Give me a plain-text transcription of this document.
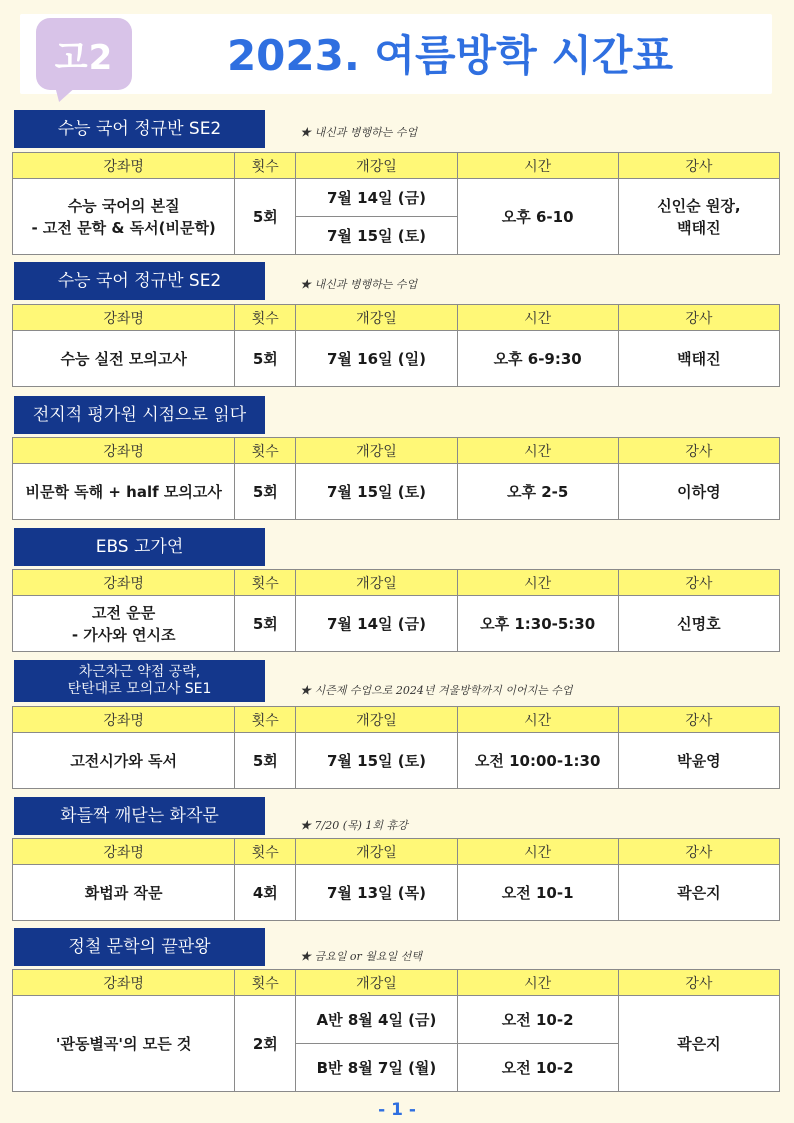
고2	2023. 여름방학 시간표
수능 국어 정규반 SE2	★ 내신과 병행하는 수업
강좌명	횟수	개강일	시간	강사
수능 국어의 본질
- 고전 문학 & 독서(비문학)	5회	7월 14일 (금)	오후 6-10	신인순 원장,
백태진
		7월 15일 (토)		
수능 국어 정규반 SE2	★ 내신과 병행하는 수업
강좌명	횟수	개강일	시간	강사
수능 실전 모의고사	5회	7월 16일 (일)	오후 6-9:30	백태진
전지적 평가원 시점으로 읽다
강좌명	횟수	개강일	시간	강사
비문학 독해 + half 모의고사	5회	7월 15일 (토)	오후 2-5	이하영
EBS 고가연
강좌명	횟수	개강일	시간	강사
고전 운문
- 가사와 연시조	5회	7월 14일 (금)	오후 1:30-5:30	신명호
차근차근 약점 공략,
탄탄대로 모의고사 SE1	★ 시즌제 수업으로 2024년 겨울방학까지 이어지는 수업
강좌명	횟수	개강일	시간	강사
고전시가와 독서	5회	7월 15일 (토)	오전 10:00-1:30	박윤영
화들짝 깨닫는 화작문	★ 7/20 (목) 1회 휴강
강좌명	횟수	개강일	시간	강사
화법과 작문	4회	7월 13일 (목)	오전 10-1	곽은지
정철 문학의 끝판왕	★ 금요일 or 월요일 선택
강좌명	횟수	개강일	시간	강사
'관동별곡'의 모든 것	2회	A반 8월 4일 (금)	오전 10-2	곽은지
		B반 8월 7일 (월)	오전 10-2	
- 1 -
